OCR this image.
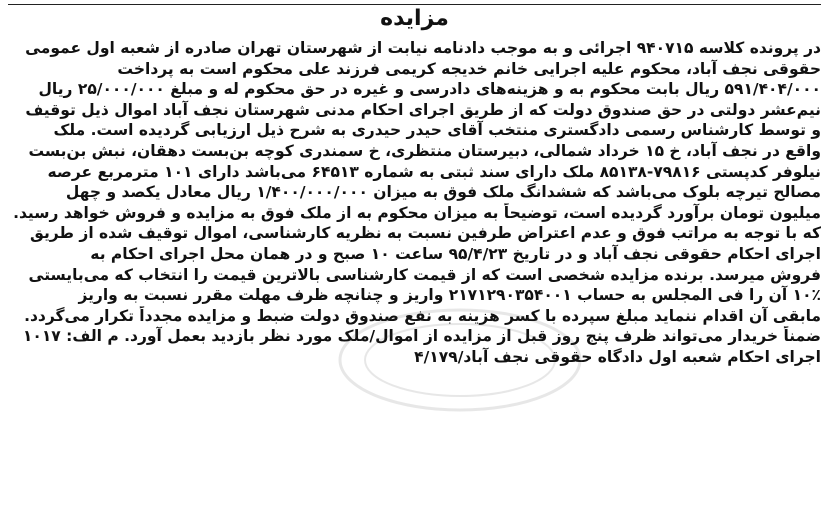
مزایده
در پرونده کلاسه ۹۴۰۷۱۵ اجرائی و به موجب دادنامه نیابت از شهرستان تهران صادره از شعبه اول عمومی
حقوقی نجف آباد، محکوم علیه اجرایی خانم خدیجه کریمی فرزند علی محکوم است به پرداخت
۵۹۱/۴۰۴/۰۰۰ ریال بابت محکوم به و هزینه‌های دادرسی و غیره در حق محکوم له و مبلغ ۲۵/۰۰۰/۰۰۰ ریال
نیم‌عشر دولتی در حق صندوق دولت که از طریق اجرای احکام مدنی شهرستان نجف آباد اموال ذیل توقیف
و توسط کارشناس رسمی دادگستری منتخب آقای حیدر حیدری به شرح ذیل ارزیابی گردیده است. ملک
واقع در نجف آباد، خ ۱۵ خرداد شمالی، دبیرستان منتظری، خ سمندری کوچه بن‌بست دهقان، نبش بن‌بست
نیلوفر کدپستی ۷۹۸۱۶-۸۵۱۳۸ ملک دارای سند ثبتی به شماره ۶۴۵۱۳ می‌باشد دارای ۱۰۱ مترمربع عرصه
مصالح تیرچه بلوک می‌باشد که ششدانگ ملک فوق به میزان ۱/۴۰۰/۰۰۰/۰۰۰ ریال معادل یکصد و چهل
میلیون تومان برآورد گردیده است، توضیحاً به میزان محکوم به از ملک فوق به مزایده و فروش خواهد رسید.
که با توجه به مراتب فوق و عدم اعتراض طرفین نسبت به نظریه کارشناسی، اموال توقیف شده از طریق
اجرای احکام حقوقی نجف آباد و در تاریخ ۹۵/۴/۲۳ ساعت ۱۰ صبح و در همان محل اجرای احکام به
فروش میرسد. برنده مزایده شخصی است که از قیمت کارشناسی بالاترین قیمت را انتخاب که می‌بایستی
۱۰٪ آن را فی المجلس به حساب ۲۱۷۱۲۹۰۳۵۴۰۰۱ واریز و چنانچه ظرف مهلت مقرر نسبت به واریز
مابقی آن اقدام ننماید مبلغ سپرده با کسر هزینه به نفع صندوق دولت ضبط و مزایده مجدداً تکرار می‌گردد.
ضمناً خریدار می‌تواند ظرف پنج روز قبل از مزایده از اموال/ملک مورد نظر بازدید بعمل آورد. م الف: ۱۰۱۷
اجرای احکام شعبه اول دادگاه حقوقی نجف آباد/۴/۱۷۹
